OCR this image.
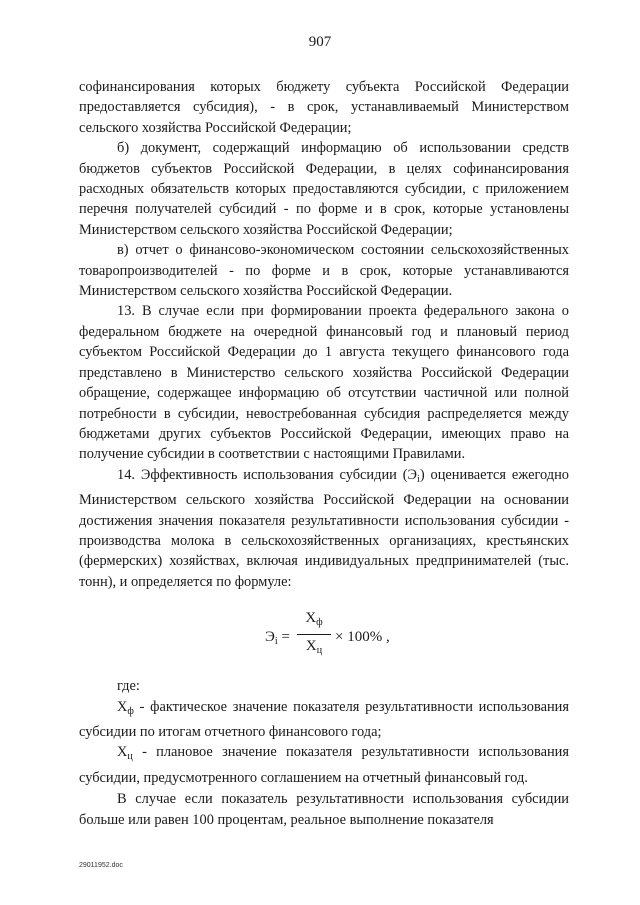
907

софинансирования которых бюджету субъекта Российской Федерации предоставляется субсидия), - в срок, устанавливаемый Министерством сельского хозяйства Российской Федерации;

б) документ, содержащий информацию об использовании средств бюджетов субъектов Российской Федерации, в целях софинансирования расходных обязательств которых предоставляются субсидии, с приложением перечня получателей субсидий - по форме и в срок, которые установлены Министерством сельского хозяйства Российской Федерации;

в) отчет о финансово-экономическом состоянии сельскохозяйственных товаропроизводителей - по форме и в срок, которые устанавливаются Министерством сельского хозяйства Российской Федерации.

13. В случае если при формировании проекта федерального закона о федеральном бюджете на очередной финансовый год и плановый период субъектом Российской Федерации до 1 августа текущего финансового года представлено в Министерство сельского хозяйства Российской Федерации обращение, содержащее информацию об отсутствии частичной или полной потребности в субсидии, невостребованная субсидия распределяется между бюджетами других субъектов Российской Федерации, имеющих право на получение субсидии в соответствии с настоящими Правилами.

14. Эффективность использования субсидии $(Э_i)$ оценивается ежегодно Министерством сельского хозяйства Российской Федерации на основании достижения значения показателя результативности использования субсидии - производства молока в сельскохозяйственных организациях, крестьянских (фермерских) хозяйствах, включая индивидуальных предпринимателей (тыс. тонн), и определяется по формуле:

$Э_i$ =
$Х_ф$
$Х_ц$
× 100% ,

где:

$Х_ф$ - фактическое значение показателя результативности использования субсидии по итогам отчетного финансового года;

$Х_ц$ - плановое значение показателя результативности использования субсидии, предусмотренного соглашением на отчетный финансовый год.

В случае если показатель результативности использования субсидии больше или равен 100 процентам, реальное выполнение показателя

29011952.doc
